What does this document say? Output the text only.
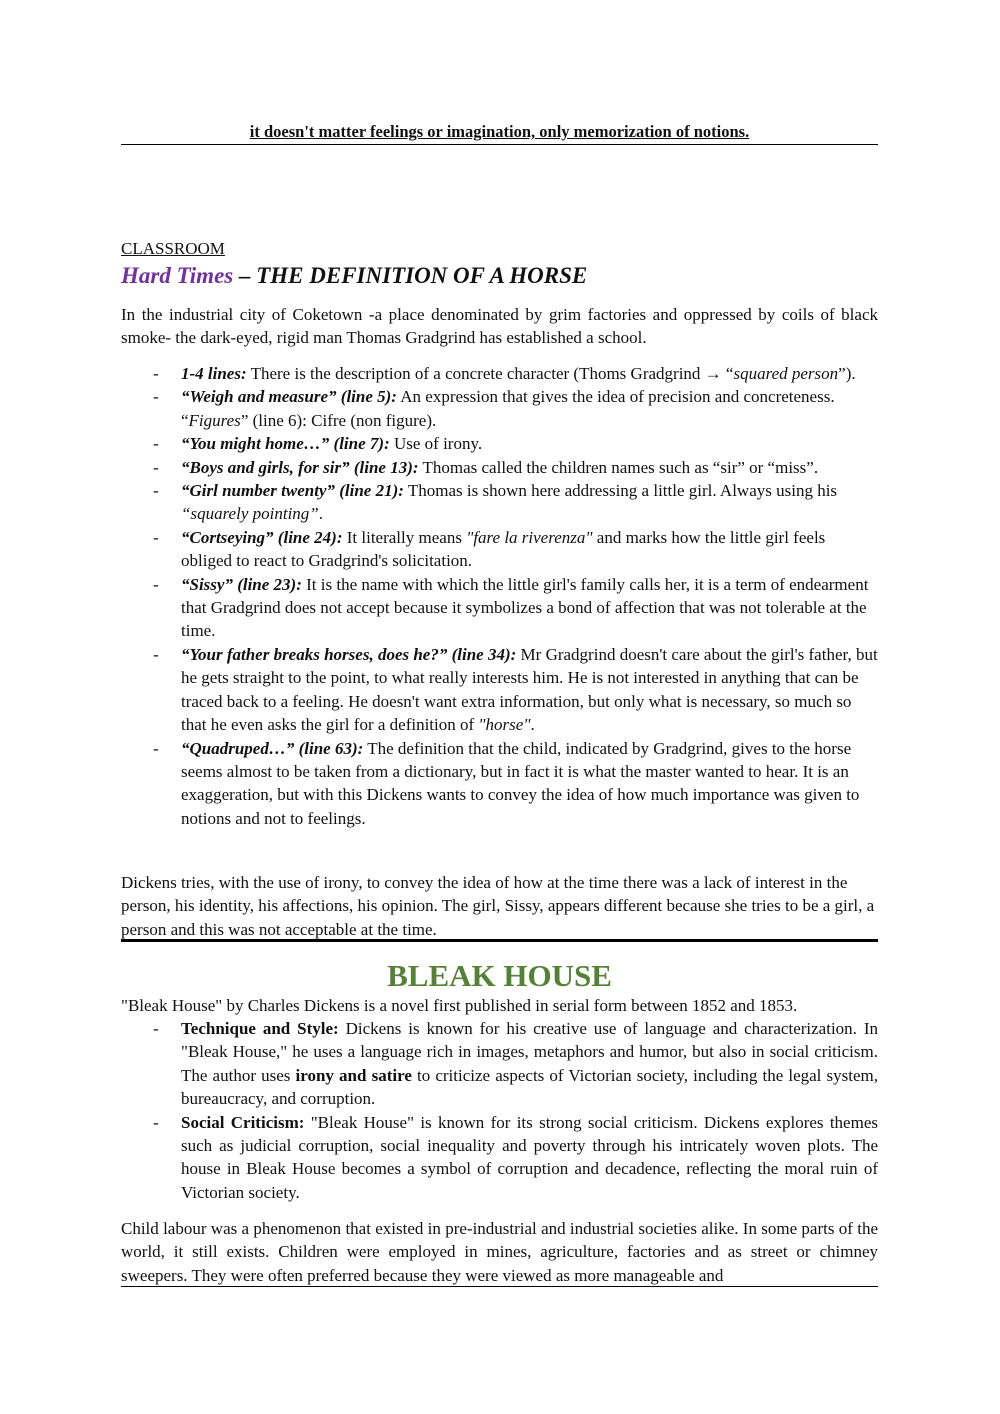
it doesn't matter feelings or imagination, only memorization of notions.

CLASSROOM

Hard Times – THE DEFINITION OF A HORSE

In the industrial city of Coketown -a place denominated by grim factories and oppressed by coils of black smoke- the dark-eyed, rigid man Thomas Gradgrind has established a school.

- 1-4 lines: There is the description of a concrete character (Thoms Gradgrind → “squared person”).
- “Weigh and measure” (line 5): An expression that gives the idea of precision and concreteness. “Figures” (line 6): Cifre (non figure).
- “You might home…” (line 7): Use of irony.
- “Boys and girls, for sir” (line 13): Thomas called the children names such as “sir” or “miss”.
- “Girl number twenty” (line 21): Thomas is shown here addressing a little girl. Always using his “squarely pointing”.
- “Cortseying” (line 24): It literally means "fare la riverenza" and marks how the little girl feels obliged to react to Gradgrind's solicitation.
- “Sissy” (line 23): It is the name with which the little girl's family calls her, it is a term of endearment that Gradgrind does not accept because it symbolizes a bond of affection that was not tolerable at the time.
- “Your father breaks horses, does he?” (line 34): Mr Gradgrind doesn't care about the girl's father, but he gets straight to the point, to what really interests him. He is not interested in anything that can be traced back to a feeling. He doesn't want extra information, but only what is necessary, so much so that he even asks the girl for a definition of "horse".
- “Quadruped…” (line 63): The definition that the child, indicated by Gradgrind, gives to the horse seems almost to be taken from a dictionary, but in fact it is what the master wanted to hear. It is an exaggeration, but with this Dickens wants to convey the idea of how much importance was given to notions and not to feelings.

Dickens tries, with the use of irony, to convey the idea of how at the time there was a lack of interest in the person, his identity, his affections, his opinion. The girl, Sissy, appears different because she tries to be a girl, a person and this was not acceptable at the time.

BLEAK HOUSE

"Bleak House" by Charles Dickens is a novel first published in serial form between 1852 and 1853.

- Technique and Style: Dickens is known for his creative use of language and characterization. In "Bleak House," he uses a language rich in images, metaphors and humor, but also in social criticism. The author uses irony and satire to criticize aspects of Victorian society, including the legal system, bureaucracy, and corruption.
- Social Criticism: "Bleak House" is known for its strong social criticism. Dickens explores themes such as judicial corruption, social inequality and poverty through his intricately woven plots. The house in Bleak House becomes a symbol of corruption and decadence, reflecting the moral ruin of Victorian society.

Child labour was a phenomenon that existed in pre-industrial and industrial societies alike. In some parts of the world, it still exists. Children were employed in mines, agriculture, factories and as street or chimney sweepers. They were often preferred because they were viewed as more manageable and
